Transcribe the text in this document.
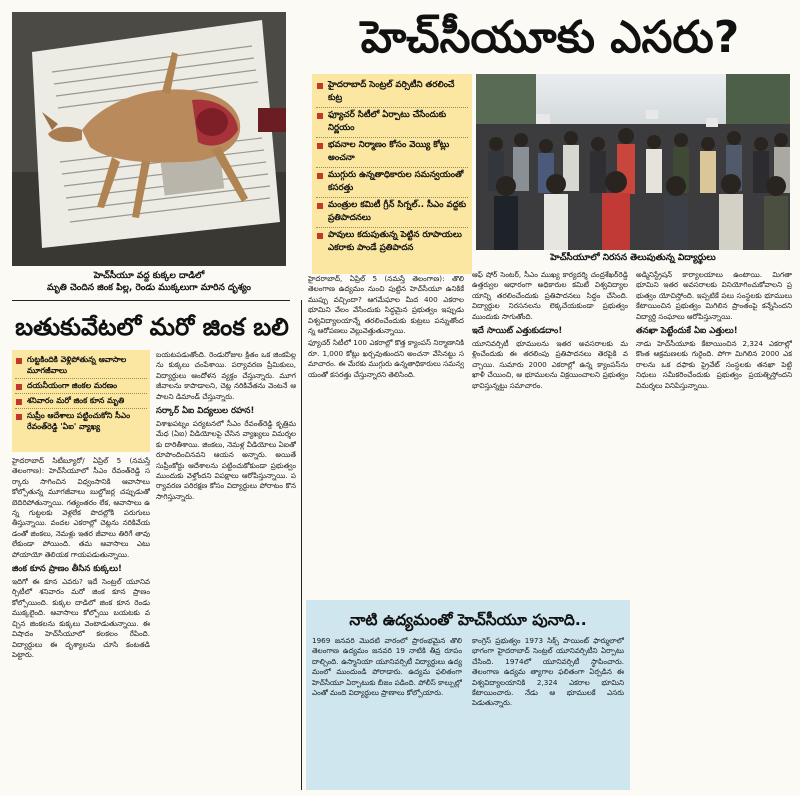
హెచ్‌సీయూ వద్ద కుక్కల దాడిలో
మృతి చెందిన జింక పిల్ల, రెండు ముక్కలుగా మారిన దృశ్యం
హెచ్‌సీయూకు ఎసరు?
హైదరాబాద్ సెంట్రల్ వర్సిటీని తరలించే కుట్ర
ఫ్యూచర్ సిటీలో ఏర్పాటు చేసేందుకు నిర్ణయం
భవనాల నిర్మాణం కోసం వెయ్యి కోట్లు అంచనా
ముగ్గురు ఉన్నతాధికారుల సమన్వయంతో కసరత్తు
మంత్రుల కమిటీ గ్రీన్ సిగ్నల్.. సీఎం వద్దకు ప్రతిపాదనలు
పావులు కదుపుతున్న పెట్టిన రూపాయలు ఎకరాకు పాండే ప్రతిపాదన
హెచ్‌సీయూలో నిరసన తెలుపుతున్న విద్యార్థులు
బతుకువేటలో మరో జింక బలి
గుట్టకిందికి వెళ్లిపోతున్న ఆవాసాల మూగజీవాలు
దయనీయంగా జింకల మరణం
శనివారం మరో జింక కూన మృతి
సుప్రీం ఆదేశాలు పట్టించుకోని సీఎం రేవంత్‌రెడ్డి 'ఏఐ' వ్యాఖ్య

హైదరాబాద్ సిటీబ్యూరో/ ఏప్రిల్ 5 (నమస్తే తెలంగాణ): హెచ్‌సీయూలో సీఎం రేవంత్‌రెడ్డి సర్కారు సాగించిన విధ్వంసానికి ఆవాసాలు కోల్పోతున్న మూగజీవాలు బుల్డోజర్ల చప్పుడుతో బెదిరిపోతున్నాయి. గత్యంతరం లేక, ఆవాసాలు ఉన్న గుట్టలకు వెళ్లలేక పొదల్లోకి పరుగులు తీస్తున్నాయి. వందల ఎకరాల్లో చెట్లను నరికివేయడంతో జింకలు, నెమళ్లు ఇతర జీవాలు తిరిగే తావు లేకుండా పోయింది. తమ ఆవాసాలు ఎటు పోయాయో తెలియక గాయపడుతున్నాయి.

జింక కూన ప్రాణం తీసిన కుక్కలు!

ఇదిగో ఈ కూన ఎవరు? ఇదే సెంట్రల్ యూనివర్సిటీలో శనివారం మరో జింక కూన ప్రాణం కోల్పోయింది. కుక్కల దాడిలో జింక కూన రెండు ముక్కలైంది. ఆవాసాలు కోల్పోయి బయటకు వచ్చిన జింకలను కుక్కలు వెంటాడుతున్నాయి. ఈ విషాదం హెచ్‌సీయూలో కలకలం రేపింది. విద్యార్థులు ఈ దృశ్యాలను చూసి కంటతడి పెట్టారు.

బయటపడుతోంది. రెండురోజుల క్రితం ఒక జింకపిల్లను కుక్కలు చంపేశాయి. పర్యావరణ ప్రేమికులు, విద్యార్థులు ఆందోళన వ్యక్తం చేస్తున్నారు. మూగజీవాలను కాపాడాలని, చెట్ల నరికివేతను వెంటనే ఆపాలని డిమాండ్ చేస్తున్నారు.

సర్కార్ ఏఐ విద్యలుల రహన!

విశాఖపట్నం పర్యటనలో సీఎం రేవంత్‌రెడ్డి కృత్రిమ మేధ (ఏఐ) వీడియోలపై చేసిన వ్యాఖ్యలు విమర్శలకు దారితీశాయి. జింకలు, నెమళ్ల వీడియోలు ఏఐతో రూపొందించినవని ఆయన అన్నారు. అయితే సుప్రీంకోర్టు ఆదేశాలను పట్టించుకోకుండా ప్రభుత్వం ముందుకు వెళ్తోందని విపక్షాలు ఆరోపిస్తున్నాయి. పర్యావరణ పరిరక్షణ కోసం విద్యార్థులు పోరాటం కొనసాగిస్తున్నారు.

హైదరాబాద్, ఏప్రిల్ 5 (నమస్తే తెలంగాణ): తొలి తెలంగాణ ఉద్యమం నుంచి పుట్టిన హెచ్‌సీయూ ఉనికికే ముప్పు వచ్చిందా? ఆగమేఘాల మీద 400 ఎకరాల భూమిని వేలం వేసేందుకు సిద్ధమైన ప్రభుత్వం ఇప్పుడు విశ్వవిద్యాలయాన్నే తరలించేందుకు కుట్రలు పన్నుతోందన్న ఆరోపణలు వెల్లువెత్తుతున్నాయి.

ఫ్యూచర్ సిటీలో 100 ఎకరాల్లో కొత్త క్యాంపస్ నిర్మాణానికి రూ. 1,000 కోట్లు ఖర్చవుతుందని అంచనా వేసినట్టు సమాచారం. ఈ మేరకు ముగ్గురు ఉన్నతాధికారులు సమన్వయంతో కసరత్తు చేస్తున్నారని తెలిసింది.

ఆఫ్ షోర్ సెంటర్, సీఎం ముఖ్య కార్యదర్శి చంద్రశేఖర్‌రెడ్డి ఉత్తర్వుల ఆధారంగా అధికారుల కమిటీ విశ్వవిద్యాలయాన్ని తరలించేందుకు ప్రతిపాదనలు సిద్ధం చేసింది. విద్యార్థుల నిరసనలను లెక్కచేయకుండా ప్రభుత్వం ముందుకు సాగుతోంది.

ఇదే సాయిట్ ఎత్తుకుడదాం!

యూనివర్సిటీ భూములను ఇతర అవసరాలకు మళ్లించేందుకు ఈ తరలింపు ప్రతిపాదనలు తెరపైకి వచ్చాయి. సుమారు 2000 ఎకరాల్లో ఉన్న క్యాంపస్‌ను ఖాళీ చేయించి, ఆ భూములను విక్రయించాలని ప్రభుత్వం భావిస్తున్నట్టు సమాచారం.

అడ్మినిస్ట్రేషన్ కార్యాలయాలు ఉంటాయి. మిగతా భూమిని ఇతర అవసరాలకు వినియోగించుకోవాలని ప్రభుత్వం యోచిస్తోంది. ఇప్పటికే పలు సంస్థలకు భూములు కేటాయించిన ప్రభుత్వం మిగిలిన ప్రాంతంపై కన్నేసిందని విద్యార్థి సంఘాలు ఆరోపిస్తున్నాయి.

తనఖా పెట్టేందుకే ఏఐ ఎత్తులు!

నాడు హెచ్‌సీయూకు కేటాయించిన 2,324 ఎకరాల్లో కొంత ఆక్రమణలకు గురైంది. పోగా మిగిలిన 2000 ఎకరాలను ఒక దఫాకు ప్రైవేట్ సంస్థలకు తనఖా పెట్టి నిధులు సమీకరించేందుకు ప్రభుత్వం ప్రయత్నిస్తోందని విమర్శలు వినిపిస్తున్నాయి.

నాటి ఉద్యమంతో హెచ్‌సీయూ పునాది..
1969 జనవరి మొదటి వారంలో ప్రారంభమైన తొలి తెలంగాణ ఉద్యమం జనవరి 19 నాటికి తీవ్ర రూపం దాల్చింది. ఉస్మానియా యూనివర్సిటీ విద్యార్థులు ఉద్యమంలో ముందుండి పోరాడారు. ఉద్యమ ఫలితంగా హెచ్‌సీయూ ఏర్పాటుకు బీజం పడింది. పోలీస్ కాల్పుల్లో ఎంతో మంది విద్యార్థులు ప్రాణాలు కోల్పోయారు.
కాంగ్రెస్ ప్రభుత్వం 1973 సిక్స్ పాయింట్ ఫార్ములాలో భాగంగా హైదరాబాద్ సెంట్రల్ యూనివర్సిటీని ఏర్పాటు చేసింది. 1974లో యూనివర్సిటీ స్థాపించారు. తెలంగాణ ఉద్యమ త్యాగాల ఫలితంగా ఏర్పడిన ఈ విశ్వవిద్యాలయానికి 2,324 ఎకరాల భూమిని కేటాయించారు. నేడు ఆ భూములకే ఎసరు పెడుతున్నారు.
